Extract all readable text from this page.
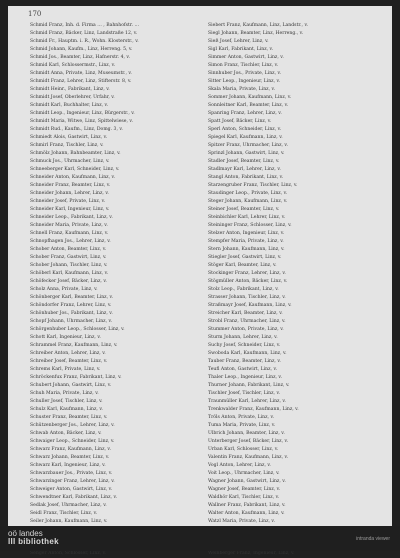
170
Schmid Franz, Inh. d. Firma … , Bahnhofstr. …
Schmid Franz, Bäcker, Linz, Landstraße 12, v.
Schmid Fr., Hauptm. i. R., Wohn. Klosterstr., v.
Schmid Johann, Kaufm., Linz, Herreng. 5, v.
Schmid Jos., Beamter, Linz, Hafnerstr. 4, v.
Schmid Karl, Schlossermstr., Linz, v.
Schmidt Anna, Private, Linz, Museumstr., v.
Schmidt Franz, Lehrer, Linz, Stifterstr. 8, v.
Schmidt Heinr., Fabrikant, Linz, v.
Schmidt Josef, Oberlehrer, Urfahr, v.
Schmidt Karl, Buchhalter, Linz, v.
Schmidt Leop., Ingenieur, Linz, Bürgerstr., v.
Schmidt Maria, Witwe, Linz, Spittelwiese, v.
Schmidt Rud., Kaufm., Linz, Domg. 3, v.
Schmiedt Alois, Gastwirt, Linz, v.
Schmirl Franz, Tischler, Linz, v.
Schmölz Johann, Bahnbeamter, Linz, v.
Schmuck Jos., Uhrmacher, Linz, v.
Schneeberger Karl, Schneider, Linz, v.
Schneider Anton, Kaufmann, Linz, v.
Schneider Franz, Beamter, Linz, v.
Schneider Johann, Lehrer, Linz, v.
Schneider Josef, Private, Linz, v.
Schneider Karl, Ingenieur, Linz, v.
Schneider Leop., Fabrikant, Linz, v.
Schneider Maria, Private, Linz, v.
Schnell Franz, Kaufmann, Linz, v.
Schnopfhagen Jos., Lehrer, Linz, v.
Schober Anton, Beamter, Linz, v.
Schober Franz, Gastwirt, Linz, v.
Schober Johann, Tischler, Linz, v.
Schöberl Karl, Kaufmann, Linz, v.
Schöfecker Josef, Bäcker, Linz, v.
Scholz Anna, Private, Linz, v.
Schönberger Karl, Beamter, Linz, v.
Schöndorfer Franz, Lehrer, Linz, v.
Schönhuber Jos., Fabrikant, Linz, v.
Schopf Johann, Uhrmacher, Linz, v.
Schörgenhuber Leop., Schlosser, Linz, v.
Schott Karl, Ingenieur, Linz, v.
Schrammel Franz, Kaufmann, Linz, v.
Schreiber Anton, Lehrer, Linz, v.
Schreiber Josef, Beamter, Linz, v.
Schrems Karl, Private, Linz, v.
Schröckenfux Franz, Fabrikant, Linz, v.
Schubert Johann, Gastwirt, Linz, v.
Schuh Maria, Private, Linz, v.
Schuller Josef, Tischler, Linz, v.
Schulz Karl, Kaufmann, Linz, v.
Schuster Franz, Beamter, Linz, v.
Schützenberger Jos., Lehrer, Linz, v.
Schwab Anton, Bäcker, Linz, v.
Schwaiger Leop., Schneider, Linz, v.
Schwarz Franz, Kaufmann, Linz, v.
Schwarz Johann, Beamter, Linz, v.
Schwarz Karl, Ingenieur, Linz, v.
Schwarzbauer Jos., Private, Linz, v.
Schwarzinger Franz, Lehrer, Linz, v.
Schweiger Anton, Gastwirt, Linz, v.
Schwendtner Karl, Fabrikant, Linz, v.
Sedlak Josef, Uhrmacher, Linz, v.
Seidl Franz, Tischler, Linz, v.
Seiler Johann, Kaufmann, Linz, v.
Senger Anton, Schlosser, Linz, v.
Siebert Franz, Kaufmann, Linz, Landstr., v.
Siegl Johann, Beamter, Linz, Herreng., v.
Sieß Josef, Lehrer, Linz, v.
Sigl Karl, Fabrikant, Linz, v.
Simmer Anton, Gastwirt, Linz, v.
Simon Franz, Tischler, Linz, v.
Sinnhuber Jos., Private, Linz, v.
Sitter Leop., Ingenieur, Linz, v.
Skala Maria, Private, Linz, v.
Sommer Johann, Kaufmann, Linz, v.
Sonnleitner Karl, Beamter, Linz, v.
Spanring Franz, Lehrer, Linz, v.
Spatt Josef, Bäcker, Linz, v.
Sperl Anton, Schneider, Linz, v.
Spiegel Karl, Kaufmann, Linz, v.
Spitzer Franz, Uhrmacher, Linz, v.
Sprinzl Johann, Gastwirt, Linz, v.
Stadler Josef, Beamter, Linz, v.
Stadlmayr Karl, Lehrer, Linz, v.
Stangl Anton, Fabrikant, Linz, v.
Starzengruber Franz, Tischler, Linz, v.
Staudinger Leop., Private, Linz, v.
Steger Johann, Kaufmann, Linz, v.
Steiner Josef, Beamter, Linz, v.
Steinbichler Karl, Lehrer, Linz, v.
Steininger Franz, Schlosser, Linz, v.
Stelzer Anton, Ingenieur, Linz, v.
Stempfer Maria, Private, Linz, v.
Stern Johann, Kaufmann, Linz, v.
Stiegler Josef, Gastwirt, Linz, v.
Stöger Karl, Beamter, Linz, v.
Stockinger Franz, Lehrer, Linz, v.
Stögmüller Anton, Bäcker, Linz, v.
Stolz Leop., Fabrikant, Linz, v.
Strasser Johann, Tischler, Linz, v.
Straßmayr Josef, Kaufmann, Linz, v.
Streicher Karl, Beamter, Linz, v.
Strobl Franz, Uhrmacher, Linz, v.
Stummer Anton, Private, Linz, v.
Sturm Johann, Lehrer, Linz, v.
Suchy Josef, Schneider, Linz, v.
Swoboda Karl, Kaufmann, Linz, v.
Tauber Franz, Beamter, Linz, v.
Teufl Anton, Gastwirt, Linz, v.
Thaler Leop., Ingenieur, Linz, v.
Thurner Johann, Fabrikant, Linz, v.
Tischler Josef, Tischler, Linz, v.
Traunmüller Karl, Lehrer, Linz, v.
Trenkwalder Franz, Kaufmann, Linz, v.
Tröls Anton, Private, Linz, v.
Tuma Maria, Private, Linz, v.
Ulbrich Johann, Beamter, Linz, v.
Unterberger Josef, Bäcker, Linz, v.
Urban Karl, Schlosser, Linz, v.
Valentin Franz, Kaufmann, Linz, v.
Vogl Anton, Lehrer, Linz, v.
Voit Leop., Uhrmacher, Linz, v.
Wagner Johann, Gastwirt, Linz, v.
Wagner Josef, Beamter, Linz, v.
Waldhör Karl, Tischler, Linz, v.
Wallner Franz, Fabrikant, Linz, v.
Walter Anton, Kaufmann, Linz, v.
Watzl Maria, Private, Linz, v.
Weinberger Franz, Ingenieur, Linz, v.
oö landes
III bibliothek	intranda viewer
